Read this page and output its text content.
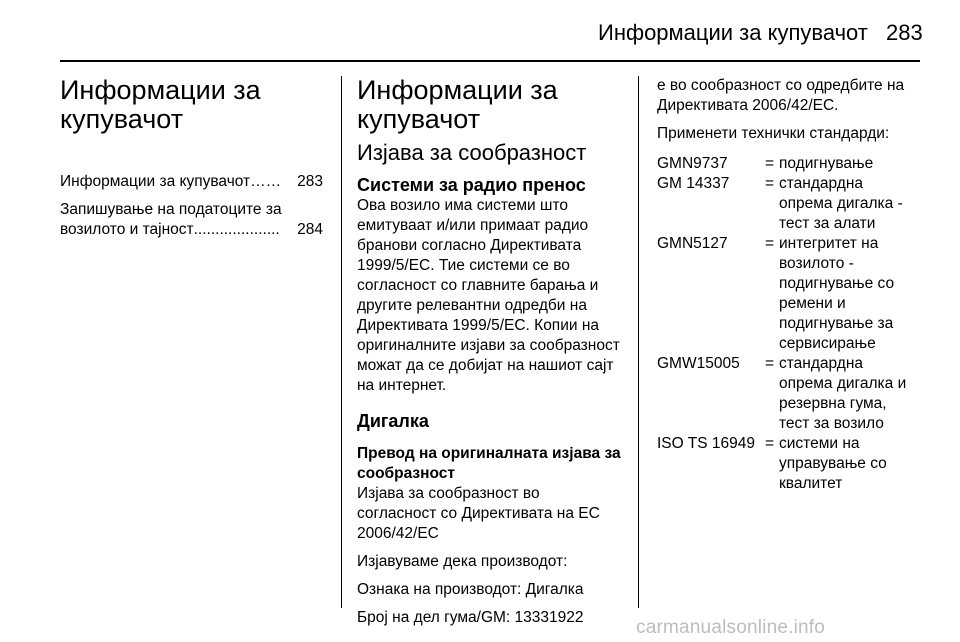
Информации за купувачот 283
Информации за купувачот
Информации за купувачот ……	283
Запишување на податоците за
возилото и тајност ....................	284
Информации за купувачот
Изјава за сообразност
Системи за радио пренос

Ова возило има системи што емитуваат и/или примаат радио бранови согласно Директивата 1999/5/EC. Тие системи се во согласност со главните барања и другите релевантни одредби на Директивата 1999/5/EC. Копии на оригиналните изјави за сообразност можат да се добијат на нашиот сајт на интернет.

Дигалка
Превод на оригиналната изјава за сообразност

Изјава за сообразност во согласност со Директивата на ЕС 2006/42/EC

Изјавуваме дека производот:

Ознака на производот: Дигалка

Број на дел гума/GM: 13331922

е во сообразност со одредбите на Директивата 2006/42/EC.

Применети технички стандарди:

GMN9737	= подигнување
GM 14337	= стандардна опрема дигалка - тест за алати
GMN5127	= интегритет на возилото - подигнување со ремени и подигнување за сервисирање
GMW15005	= стандардна опрема дигалка и резервна гума, тест за возило
ISO TS 16949 = системи на управување со квалитет
carmanualsonline.info
